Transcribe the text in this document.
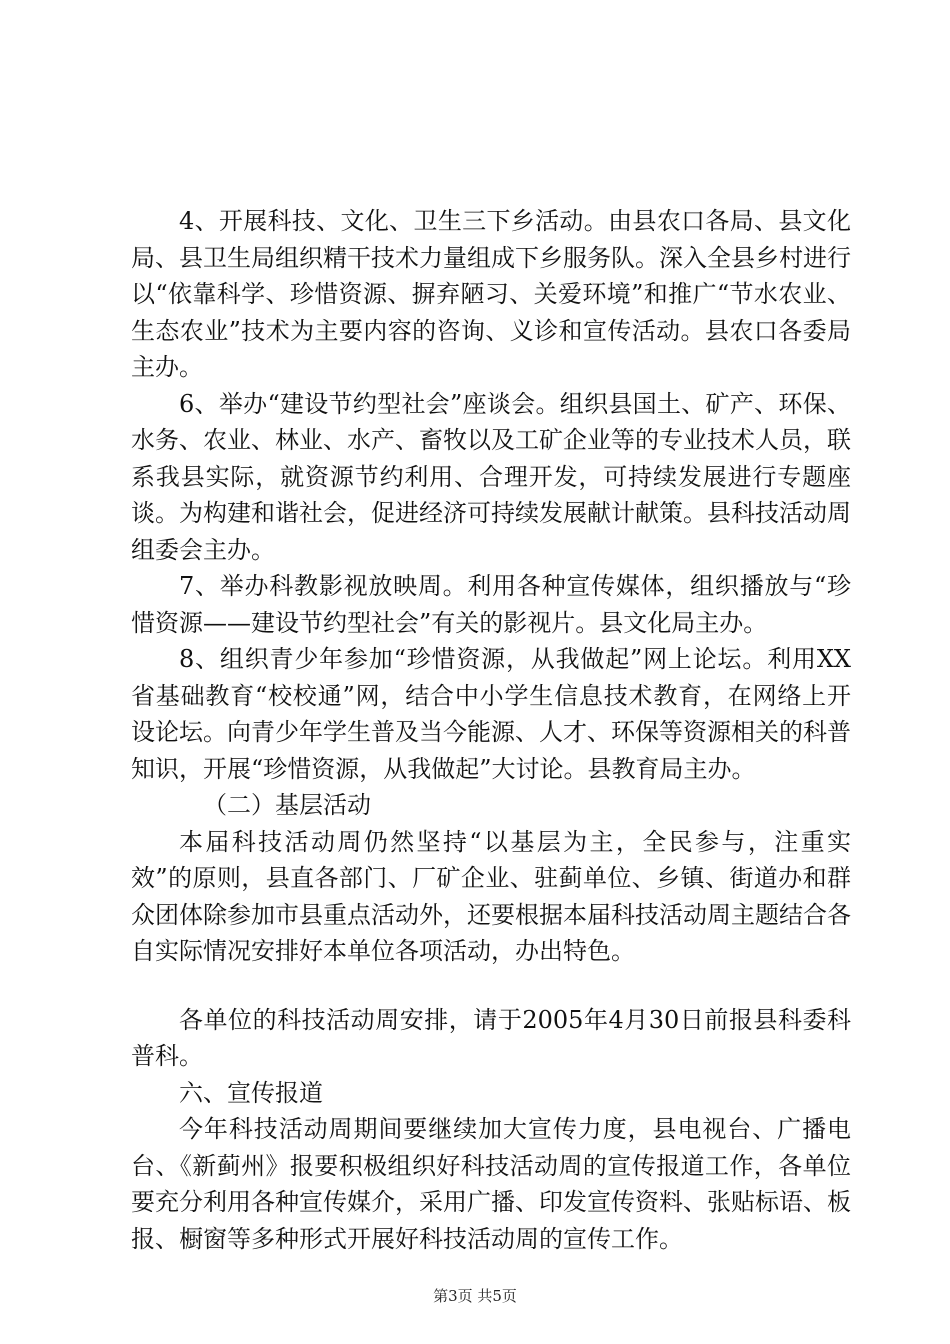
4、开展科技、文化、卫生三下乡活动。由县农口各局、县文化局、县卫生局组织精干技术力量组成下乡服务队。深入全县乡村进行以“依靠科学、珍惜资源、摒弃陋习、关爱环境”和推广“节水农业、生态农业”技术为主要内容的咨询、义诊和宣传活动。县农口各委局主办。

6、举办“建设节约型社会”座谈会。组织县国土、矿产、环保、水务、农业、林业、水产、畜牧以及工矿企业等的专业技术人员，联系我县实际，就资源节约利用、合理开发，可持续发展进行专题座谈。为构建和谐社会，促进经济可持续发展献计献策。县科技活动周组委会主办。

7、举办科教影视放映周。利用各种宣传媒体，组织播放与“珍惜资源——建设节约型社会”有关的影视片。县文化局主办。

8、组织青少年参加“珍惜资源，从我做起”网上论坛。利用XX省基础教育“校校通”网，结合中小学生信息技术教育，在网络上开设论坛。向青少年学生普及当今能源、人才、环保等资源相关的科普知识，开展“珍惜资源，从我做起”大讨论。县教育局主办。

（二）基层活动

本届科技活动周仍然坚持“以基层为主，全民参与，注重实效”的原则，县直各部门、厂矿企业、驻蓟单位、乡镇、街道办和群众团体除参加市县重点活动外，还要根据本届科技活动周主题结合各自实际情况安排好本单位各项活动，办出特色。

各单位的科技活动周安排，请于2005年4月30日前报县科委科普科。

六、宣传报道

今年科技活动周期间要继续加大宣传力度，县电视台、广播电台、《新蓟州》报要积极组织好科技活动周的宣传报道工作，各单位要充分利用各种宣传媒介，采用广播、印发宣传资料、张贴标语、板报、橱窗等多种形式开展好科技活动周的宣传工作。

第3页 共5页
